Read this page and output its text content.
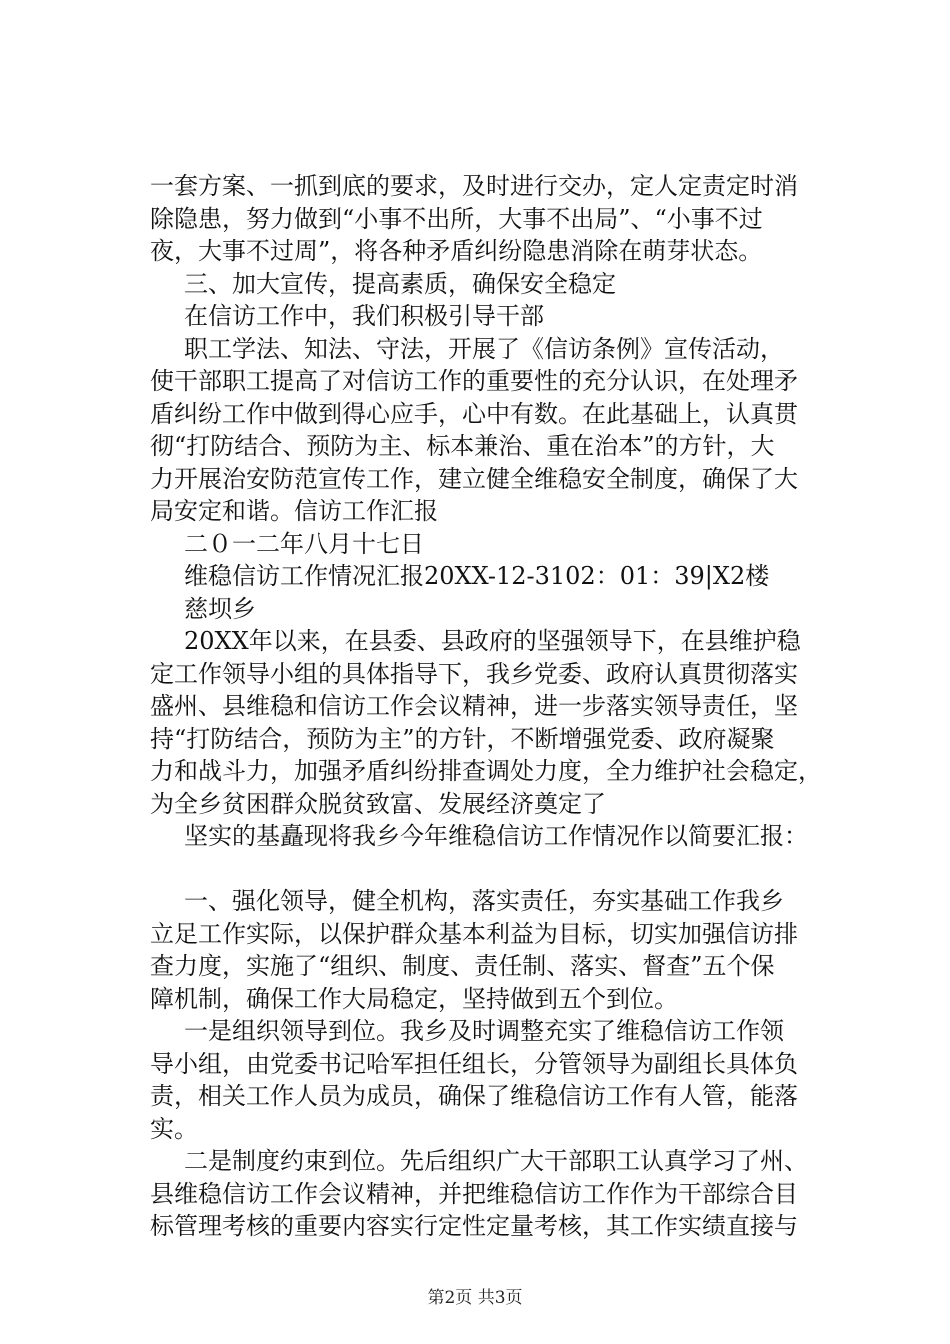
一套方案、一抓到底的要求，及时进行交办，定人定责定时消
除隐患，努力做到“小事不出所，大事不出局”、“小事不过
夜，大事不过周”，将各种矛盾纠纷隐患消除在萌芽状态。
三、加大宣传，提高素质，确保安全稳定
在信访工作中，我们积极引导干部
职工学法、知法、守法，开展了《信访条例》宣传活动，
使干部职工提高了对信访工作的重要性的充分认识，在处理矛
盾纠纷工作中做到得心应手，心中有数。在此基础上，认真贯
彻“打防结合、预防为主、标本兼治、重在治本”的方针，大
力开展治安防范宣传工作，建立健全维稳安全制度，确保了大
局安定和谐。信访工作汇报
二０一二年八月十七日
维稳信访工作情况汇报20XX-12-3102：01：39|X2楼
慈坝乡
20XX年以来，在县委、县政府的坚强领导下，在县维护稳
定工作领导小组的具体指导下，我乡党委、政府认真贯彻落实
盛州、县维稳和信访工作会议精神，进一步落实领导责任，坚
持“打防结合，预防为主”的方针，不断增强党委、政府凝聚
力和战斗力，加强矛盾纠纷排查调处力度，全力维护社会稳定，
为全乡贫困群众脱贫致富、发展经济奠定了
坚实的基矗现将我乡今年维稳信访工作情况作以简要汇报：
一、强化领导，健全机构，落实责任，夯实基础工作我乡
立足工作实际，以保护群众基本利益为目标，切实加强信访排
查力度，实施了“组织、制度、责任制、落实、督查”五个保
障机制，确保工作大局稳定，坚持做到五个到位。
一是组织领导到位。我乡及时调整充实了维稳信访工作领
导小组，由党委书记哈军担任组长，分管领导为副组长具体负
责，相关工作人员为成员，确保了维稳信访工作有人管，能落
实。
二是制度约束到位。先后组织广大干部职工认真学习了州、
县维稳信访工作会议精神，并把维稳信访工作作为干部综合目
标管理考核的重要内容实行定性定量考核，其工作实绩直接与
第2页 共3页
